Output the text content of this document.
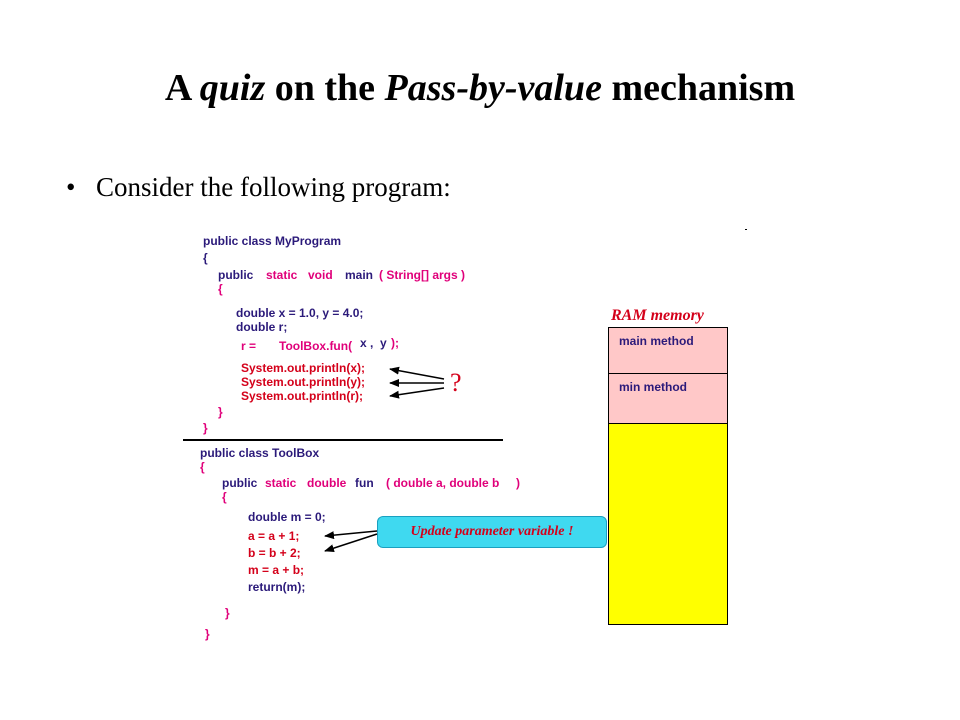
A quiz on the Pass-by-value mechanism
• Consider the following program:
public class MyProgram
{
public static void main ( String[] args )
{
double x = 1.0, y = 4.0;
double r;
r = ToolBox.fun( x ,  y );
System.out.println(x);
System.out.println(y);
System.out.println(r);
}
}
public class ToolBox
{
public static double fun ( double a, double b )
{
double m = 0;
a = a + 1;
b = b + 2;
m = a + b;
return(m);
}
}
?
Update parameter variable !
RAM memory
main method
min method
